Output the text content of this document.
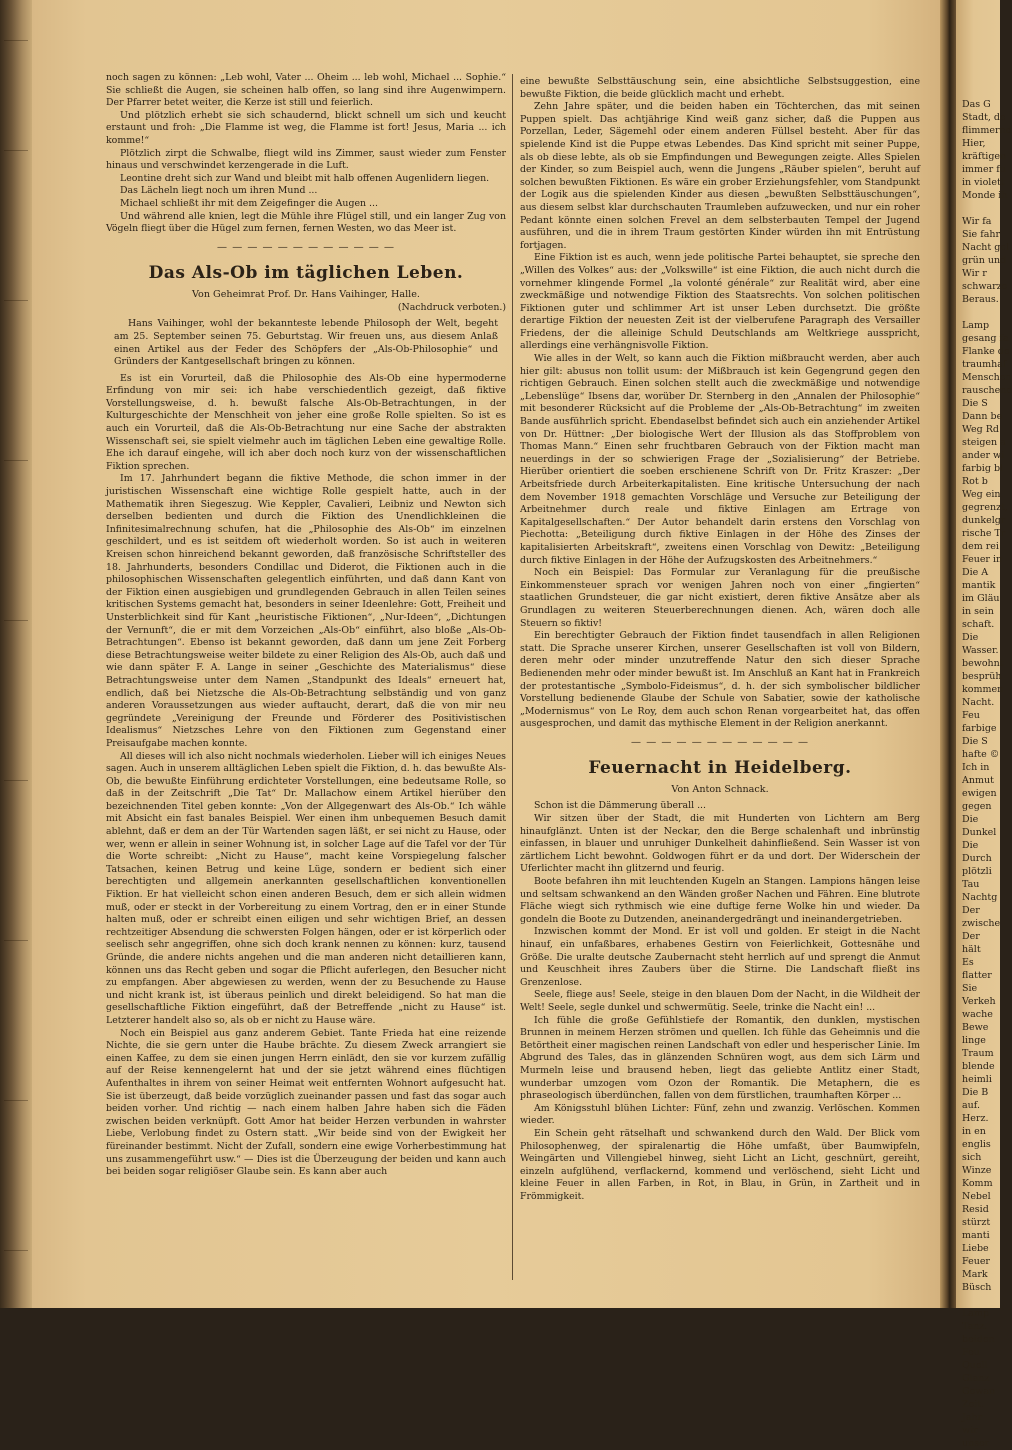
noch sagen zu können: „Leb wohl, Vater ... Oheim ... leb wohl, Michael ... Sophie.“ Sie schließt die Augen, sie scheinen halb offen, so lang sind ihre Augenwimpern. Der Pfarrer betet weiter, die Kerze ist still und feierlich.

Und plötzlich erhebt sie sich schaudernd, blickt schnell um sich und keucht erstaunt und froh: „Die Flamme ist weg, die Flamme ist fort! Jesus, Maria ... ich komme!“

Plötzlich zirpt die Schwalbe, fliegt wild ins Zimmer, saust wieder zum Fenster hinaus und verschwindet kerzengerade in die Luft.

Leontine dreht sich zur Wand und bleibt mit halb offenen Augenlidern liegen.

Das Lächeln liegt noch um ihren Mund ...

Michael schließt ihr mit dem Zeigefinger die Augen ...

Und während alle knien, legt die Mühle ihre Flügel still, und ein langer Zug von Vögeln fliegt über die Hügel zum fernen, fernen Westen, wo das Meer ist.

— — — — — — — — — — — —
Das Als-Ob im täglichen Leben.
Von Geheimrat Prof. Dr. Hans Vaihinger, Halle.
(Nachdruck verboten.)

Hans Vaihinger, wohl der bekannteste lebende Philosoph der Welt, begeht am 25. September seinen 75. Geburtstag. Wir freuen uns, aus diesem Anlaß einen Artikel aus der Feder des Schöpfers der „Als-Ob-Philosophie“ und Gründers der Kantgesellschaft bringen zu können.

Es ist ein Vorurteil, daß die Philosophie des Als-Ob eine hypermoderne Erfindung von mir sei: ich habe verschiedentlich gezeigt, daß fiktive Vorstellungsweise, d. h. bewußt falsche Als-Ob-Betrachtungen, in der Kulturgeschichte der Menschheit von jeher eine große Rolle spielten. So ist es auch ein Vorurteil, daß die Als-Ob-Betrachtung nur eine Sache der abstrakten Wissenschaft sei, sie spielt vielmehr auch im täglichen Leben eine gewaltige Rolle. Ehe ich darauf eingehe, will ich aber doch noch kurz von der wissenschaftlichen Fiktion sprechen.

Im 17. Jahrhundert begann die fiktive Methode, die schon immer in der juristischen Wissenschaft eine wichtige Rolle gespielt hatte, auch in der Mathematik ihren Siegeszug. Wie Keppler, Cavalieri, Leibniz und Newton sich derselben bedienten und durch die Fiktion des Unendlichkleinen die Infinitesimalrechnung schufen, hat die „Philosophie des Als-Ob“ im einzelnen geschildert, und es ist seitdem oft wiederholt worden. So ist auch in weiteren Kreisen schon hinreichend bekannt geworden, daß französische Schriftsteller des 18. Jahrhunderts, besonders Condillac und Diderot, die Fiktionen auch in die philosophischen Wissenschaften gelegentlich einführten, und daß dann Kant von der Fiktion einen ausgiebigen und grundlegenden Gebrauch in allen Teilen seines kritischen Systems gemacht hat, besonders in seiner Ideenlehre: Gott, Freiheit und Unsterblichkeit sind für Kant „heuristische Fiktionen“, „Nur-Ideen“, „Dichtungen der Vernunft“, die er mit dem Vorzeichen „Als-Ob“ einführt, also bloße „Als-Ob-Betrachtungen“. Ebenso ist bekannt geworden, daß dann um jene Zeit Forberg diese Betrachtungsweise weiter bildete zu einer Religion des Als-Ob, auch daß und wie dann später F. A. Lange in seiner „Geschichte des Materialismus“ diese Betrachtungsweise unter dem Namen „Standpunkt des Ideals“ erneuert hat, endlich, daß bei Nietzsche die Als-Ob-Betrachtung selbständig und von ganz anderen Voraussetzungen aus wieder auftaucht, derart, daß die von mir neu gegründete „Vereinigung der Freunde und Förderer des Positivistischen Idealismus“ Nietzsches Lehre von den Fiktionen zum Gegenstand einer Preisaufgabe machen konnte.

All dieses will ich also nicht nochmals wiederholen. Lieber will ich einiges Neues sagen. Auch in unserem alltäglichen Leben spielt die Fiktion, d. h. das bewußte Als-Ob, die bewußte Einführung erdichteter Vorstellungen, eine bedeutsame Rolle, so daß in der Zeitschrift „Die Tat“ Dr. Mallachow einem Artikel hierüber den bezeichnenden Titel geben konnte: „Von der Allgegenwart des Als-Ob.“ Ich wähle mit Absicht ein fast banales Beispiel. Wer einen ihm unbequemen Besuch damit ablehnt, daß er dem an der Tür Wartenden sagen läßt, er sei nicht zu Hause, oder wer, wenn er allein in seiner Wohnung ist, in solcher Lage auf die Tafel vor der Tür die Worte schreibt: „Nicht zu Hause“, macht keine Vorspiegelung falscher Tatsachen, keinen Betrug und keine Lüge, sondern er bedient sich einer berechtigten und allgemein anerkannten gesellschaftlichen konventionellen Fiktion. Er hat vielleicht schon einen anderen Besuch, dem er sich allein widmen muß, oder er steckt in der Vorbereitung zu einem Vortrag, den er in einer Stunde halten muß, oder er schreibt einen eiligen und sehr wichtigen Brief, an dessen rechtzeitiger Absendung die schwersten Folgen hängen, oder er ist körperlich oder seelisch sehr angegriffen, ohne sich doch krank nennen zu können: kurz, tausend Gründe, die andere nichts angehen und die man anderen nicht detaillieren kann, können uns das Recht geben und sogar die Pflicht auferlegen, den Besucher nicht zu empfangen. Aber abgewiesen zu werden, wenn der zu Besuchende zu Hause und nicht krank ist, ist überaus peinlich und direkt beleidigend. So hat man die gesellschaftliche Fiktion eingeführt, daß der Betreffende „nicht zu Hause“ ist. Letzterer handelt also so, als ob er nicht zu Hause wäre.

Noch ein Beispiel aus ganz anderem Gebiet. Tante Frieda hat eine reizende Nichte, die sie gern unter die Haube brächte. Zu diesem Zweck arrangiert sie einen Kaffee, zu dem sie einen jungen Herrn einlädt, den sie vor kurzem zufällig auf der Reise kennengelernt hat und der sie jetzt während eines flüchtigen Aufenthaltes in ihrem von seiner Heimat weit entfernten Wohnort aufgesucht hat. Sie ist überzeugt, daß beide vorzüglich zueinander passen und fast das sogar auch beiden vorher. Und richtig — nach einem halben Jahre haben sich die Fäden zwischen beiden verknüpft. Gott Amor hat beider Herzen verbunden in wahrster Liebe, Verlobung findet zu Ostern statt. „Wir beide sind von der Ewigkeit her füreinander bestimmt. Nicht der Zufall, sondern eine ewige Vorherbestimmung hat uns zusammengeführt usw.“ — Dies ist die Überzeugung der beiden und kann auch bei beiden sogar religiöser Glaube sein. Es kann aber auch

eine bewußte Selbsttäuschung sein, eine absichtliche Selbstsuggestion, eine bewußte Fiktion, die beide glücklich macht und erhebt.

Zehn Jahre später, und die beiden haben ein Töchterchen, das mit seinen Puppen spielt. Das achtjährige Kind weiß ganz sicher, daß die Puppen aus Porzellan, Leder, Sägemehl oder einem anderen Füllsel besteht. Aber für das spielende Kind ist die Puppe etwas Lebendes. Das Kind spricht mit seiner Puppe, als ob diese lebte, als ob sie Empfindungen und Bewegungen zeigte. Alles Spielen der Kinder, so zum Beispiel auch, wenn die Jungens „Räuber spielen“, beruht auf solchen bewußten Fiktionen. Es wäre ein grober Erziehungsfehler, vom Standpunkt der Logik aus die spielenden Kinder aus diesen „bewußten Selbsttäuschungen“, aus diesem selbst klar durchschauten Traumleben aufzuwecken, und nur ein roher Pedant könnte einen solchen Frevel an dem selbsterbauten Tempel der Jugend ausführen, und die in ihrem Traum gestörten Kinder würden ihn mit Entrüstung fortjagen.

Eine Fiktion ist es auch, wenn jede politische Partei behauptet, sie spreche den „Willen des Volkes“ aus: der „Volkswille“ ist eine Fiktion, die auch nicht durch die vornehmer klingende Formel „la volonté générale“ zur Realität wird, aber eine zweckmäßige und notwendige Fiktion des Staatsrechts. Von solchen politischen Fiktionen guter und schlimmer Art ist unser Leben durchsetzt. Die größte derartige Fiktion der neuesten Zeit ist der vielberufene Paragraph des Versailler Friedens, der die alleinige Schuld Deutschlands am Weltkriege ausspricht, allerdings eine verhängnisvolle Fiktion.

Wie alles in der Welt, so kann auch die Fiktion mißbraucht werden, aber auch hier gilt: abusus non tollit usum: der Mißbrauch ist kein Gegengrund gegen den richtigen Gebrauch. Einen solchen stellt auch die zweckmäßige und notwendige „Lebenslüge“ Ibsens dar, worüber Dr. Sternberg in den „Annalen der Philosophie“ mit besonderer Rücksicht auf die Probleme der „Als-Ob-Betrachtung“ im zweiten Bande ausführlich spricht. Ebendaselbst befindet sich auch ein anziehender Artikel von Dr. Hüttner: „Der biologische Wert der Illusion als das Stoffproblem von Thomas Mann.“ Einen sehr fruchtbaren Gebrauch von der Fiktion macht man neuerdings in der so schwierigen Frage der „Sozialisierung“ der Betriebe. Hierüber orientiert die soeben erschienene Schrift von Dr. Fritz Kraszer: „Der Arbeitsfriede durch Arbeiterkapitalisten. Eine kritische Untersuchung der nach dem November 1918 gemachten Vorschläge und Versuche zur Beteiligung der Arbeitnehmer durch reale und fiktive Einlagen am Ertrage von Kapitalgesellschaften.“ Der Autor behandelt darin erstens den Vorschlag von Piechotta: „Beteiligung durch fiktive Einlagen in der Höhe des Zinses der kapitalisierten Arbeitskraft“, zweitens einen Vorschlag von Dewitz: „Beteiligung durch fiktive Einlagen in der Höhe der Aufzugskosten des Arbeitnehmers.“

Noch ein Beispiel: Das Formular zur Veranlagung für die preußische Einkommensteuer sprach vor wenigen Jahren noch von einer „fingierten“ staatlichen Grundsteuer, die gar nicht existiert, deren fiktive Ansätze aber als Grundlagen zu weiteren Steuerberechnungen dienen. Ach, wären doch alle Steuern so fiktiv!

Ein berechtigter Gebrauch der Fiktion findet tausendfach in allen Religionen statt. Die Sprache unserer Kirchen, unserer Gesellschaften ist voll von Bildern, deren mehr oder minder unzutreffende Natur den sich dieser Sprache Bedienenden mehr oder minder bewußt ist. Im Anschluß an Kant hat in Frankreich der protestantische „Symbolo-Fideismus“, d. h. der sich symbolischer bildlicher Vorstellung bedienende Glaube der Schule von Sabatier, sowie der katholische „Modernismus“ von Le Roy, dem auch schon Renan vorgearbeitet hat, das offen ausgesprochen, und damit das mythische Element in der Religion anerkannt.

— — — — — — — — — — — —
Feuernacht in Heidelberg.
Von Anton Schnack.

Schon ist die Dämmerung überall ...

Wir sitzen über der Stadt, die mit Hunderten von Lichtern am Berg hinaufglänzt. Unten ist der Neckar, den die Berge schalenhaft und inbrünstig einfassen, in blauer und unruhiger Dunkelheit dahinfließend. Sein Wasser ist von zärtlichem Licht bewohnt. Goldwogen führt er da und dort. Der Widerschein der Uferlichter macht ihn glitzernd und feurig.

Boote befahren ihn mit leuchtenden Kugeln an Stangen. Lampions hängen leise und seltsam schwankend an den Wänden großer Nachen und Fähren. Eine blutrote Fläche wiegt sich rythmisch wie eine duftige ferne Wolke hin und wieder. Da gondeln die Boote zu Dutzenden, aneinandergedrängt und ineinandergetrieben.

Inzwischen kommt der Mond. Er ist voll und golden. Er steigt in die Nacht hinauf, ein unfaßbares, erhabenes Gestirn von Feierlichkeit, Gottesnähe und Größe. Die uralte deutsche Zaubernacht steht herrlich auf und sprengt die Anmut und Keuschheit ihres Zaubers über die Stirne. Die Landschaft fließt ins Grenzenlose.

Seele, fliege aus! Seele, steige in den blauen Dom der Nacht, in die Wildheit der Welt! Seele, segle dunkel und schwermütig. Seele, trinke die Nacht ein! ...

Ich fühle die große Gefühlstiefe der Romantik, den dunklen, mystischen Brunnen in meinem Herzen strömen und quellen. Ich fühle das Geheimnis und die Betörtheit einer magischen reinen Landschaft von edler und hesperischer Linie. Im Abgrund des Tales, das in glänzenden Schnüren wogt, aus dem sich Lärm und Murmeln leise und brausend heben, liegt das geliebte Antlitz einer Stadt, wunderbar umzogen vom Ozon der Romantik. Die Metaphern, die es phraseologisch überdünchen, fallen von dem fürstlichen, traumhaften Körper ...

Am Königsstuhl blühen Lichter: Fünf, zehn und zwanzig. Verlöschen. Kommen wieder.

Ein Schein geht rätselhaft und schwankend durch den Wald. Der Blick vom Philosophenweg, der spiralenartig die Höhe umfaßt, über Baumwipfeln, Weingärten und Villengiebel hinweg, sieht Licht an Licht, geschnürt, gereiht, einzeln aufglühend, verflackernd, kommend und verlöschend, sieht Licht und kleine Feuer in allen Farben, in Rot, in Blau, in Grün, in Zartheit und in Frömmigkeit.

Das G
Stadt, de
flimmernd
Hier,
kräftigen
immer fu
in violett
Monde ih
Wir fa
Sie fahr
Nacht gel
grün und
Wir r
schwarze
Beraus.
Lamp
gesang fa
Flanke de
traumhaf
Menschen
rauschend
Die S
Dann be
Weg Rd
steigen a
ander wi
farbig bl
Rot b
Weg ein
gegrenzt,
dunkelgr
rische Tr
dem rei
Feuer in
Die A
mantik
im Gläu
in sein
schaft.
Die
Wasser.
bewohnt
besprüh
kommen
Nacht.
Feu
farbige
Die S
hafte ©
Ich in
Anmut
ewigen
gegen
Die
Dunkel
Die
Durch
plötzli
Tau
Nachtg
Der
zwische
Der
hält
Es
flatter
Sie
Verkeh
wache
Bewe
linge
Traum
blende
heimli
Die B
auf.
Herz.
in en
englis
sich
Winze
Komm
Nebel
Resid
stürzt
manti
Liebe
Feuer
Mark
Büsch
Lamp
Tanz.
beiden
Feu
Quell
Glanz
Gewan
Zeit.
Jahr
wir
unser
